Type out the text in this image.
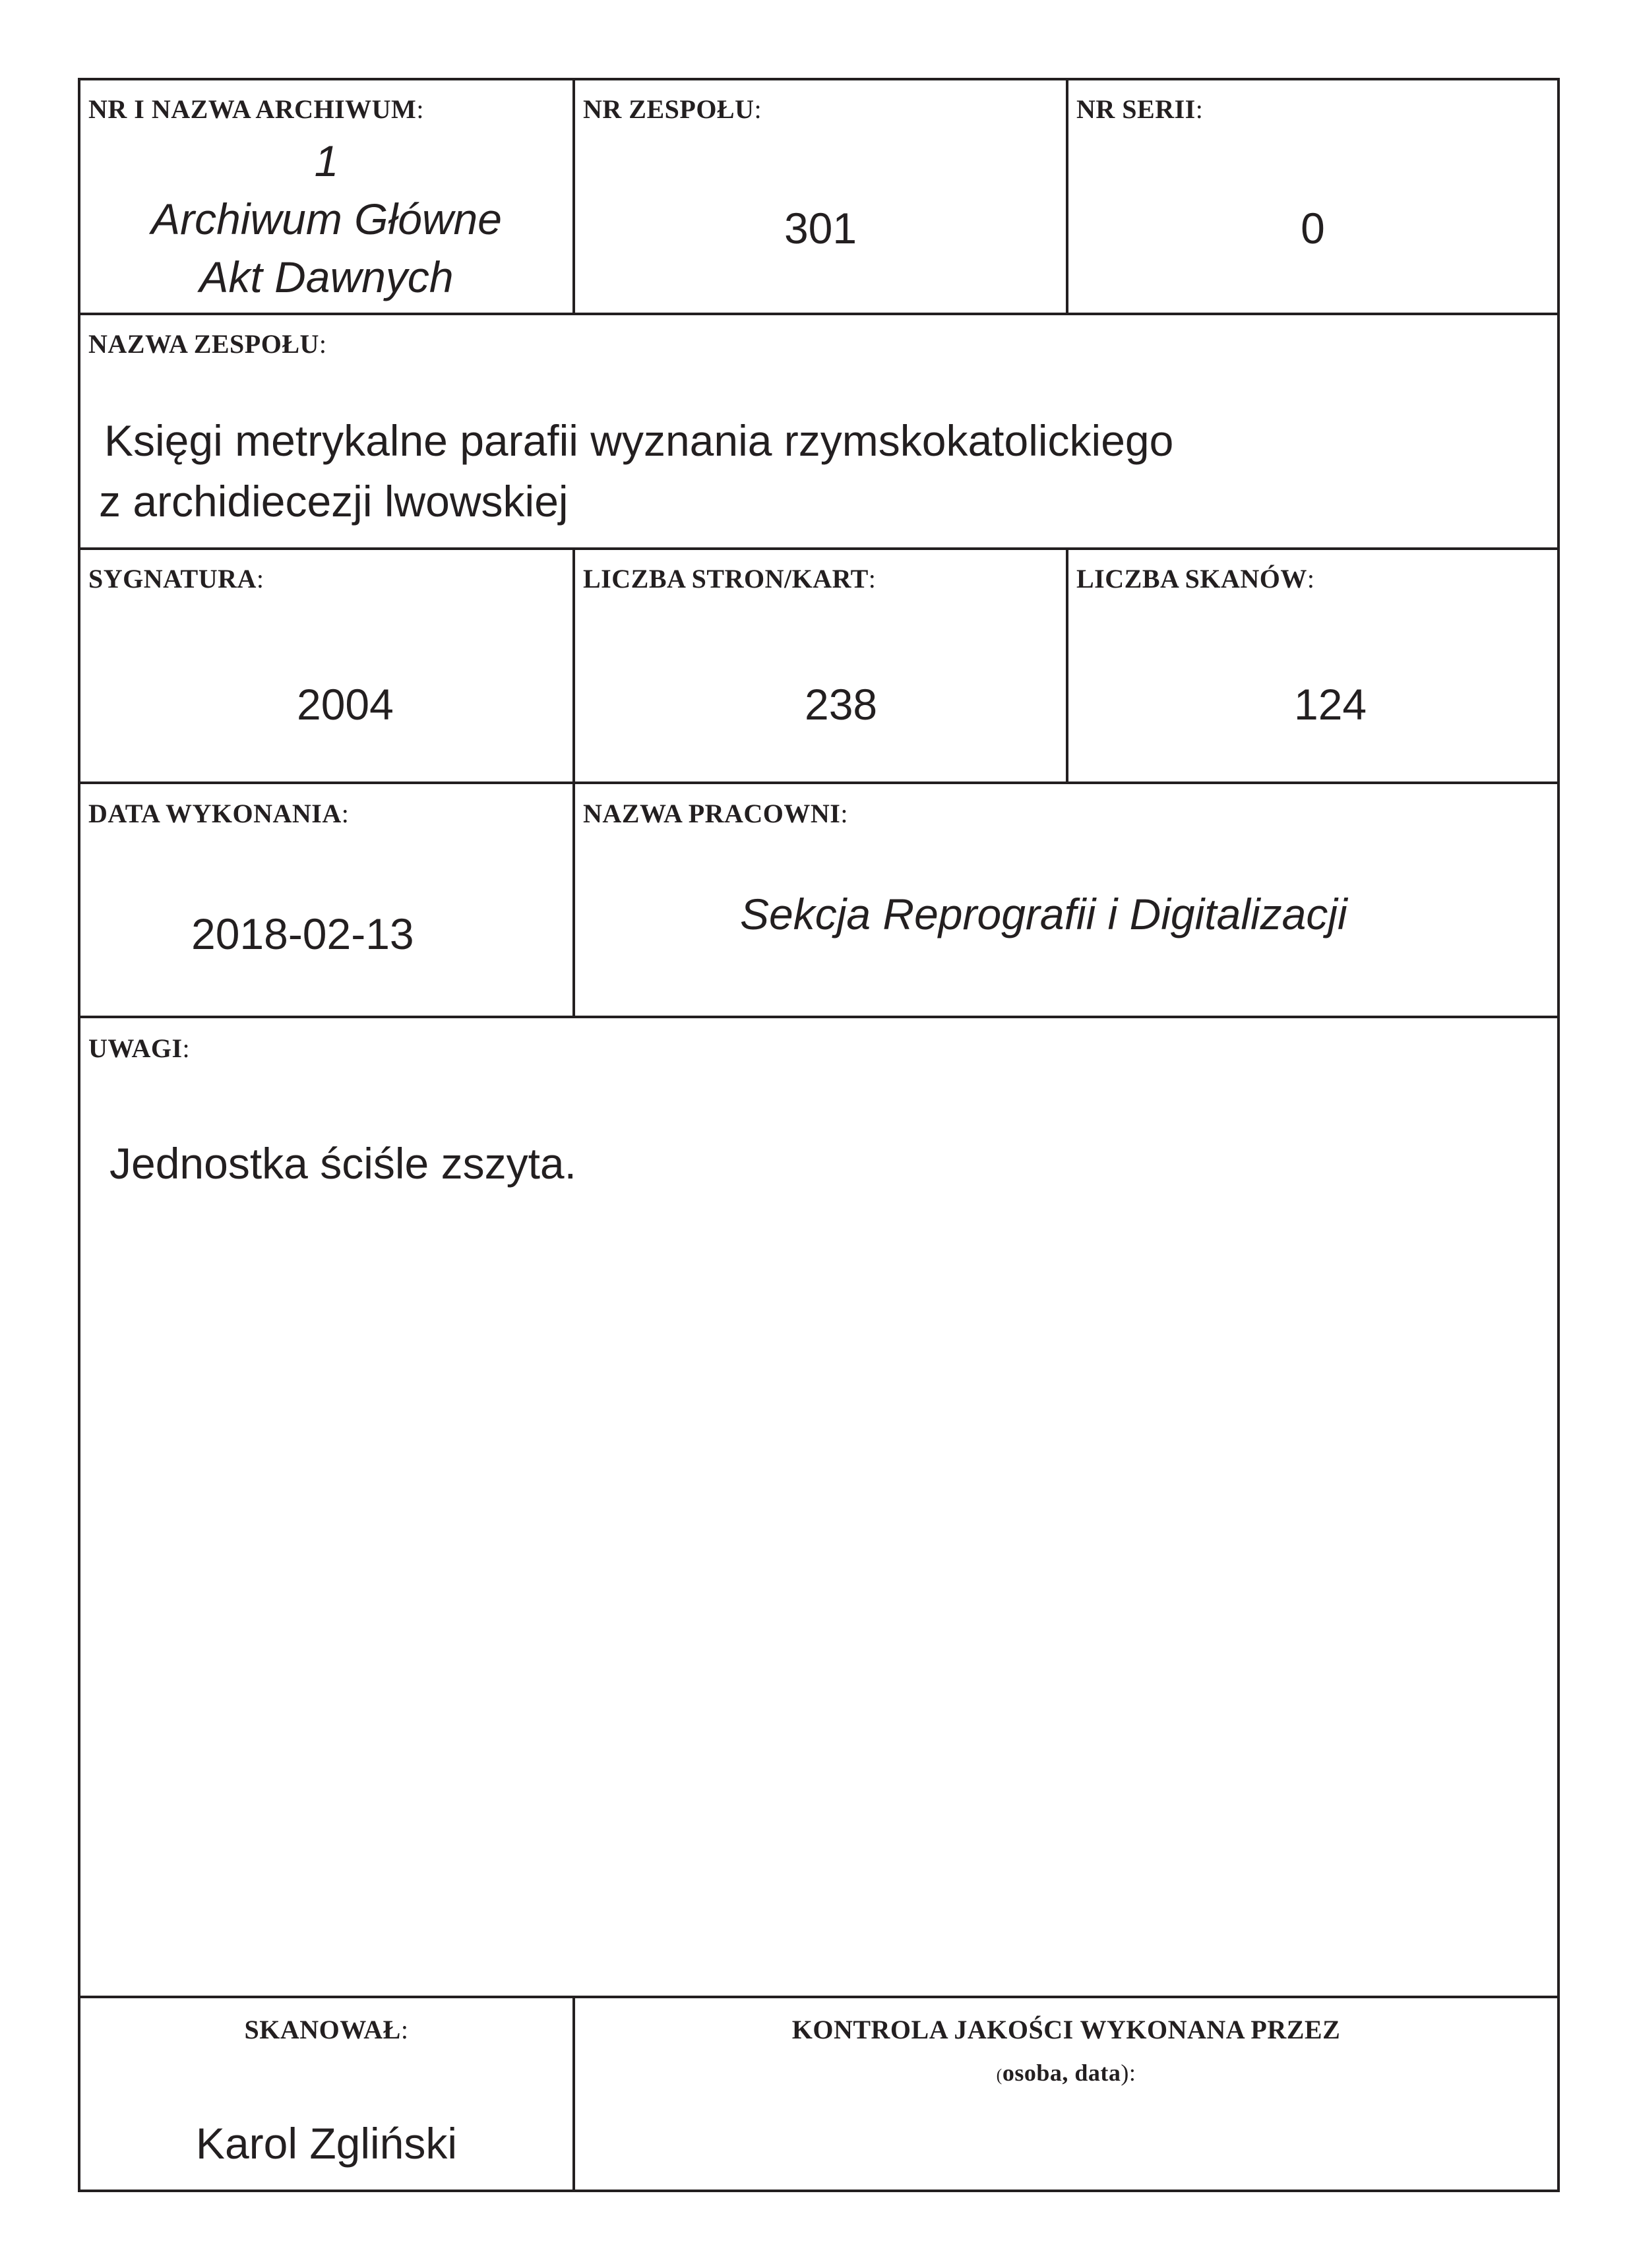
NR I NAZWA ARCHIWUM:
1
Archiwum Główne
Akt Dawnych
NR ZESPOŁU:
301
NR SERII:
0
NAZWA ZESPOŁU:
Księgi metrykalne parafii wyznania rzymskokatolickiego
z archidiecezji lwowskiej
SYGNATURA:
2004
LICZBA STRON/KART:
238
LICZBA SKANÓW:
124
DATA WYKONANIA:
2018-02-13
NAZWA PRACOWNI:
Sekcja Reprografii i Digitalizacji
UWAGI:
Jednostka ściśle zszyta.
SKANOWAŁ:
Karol Zgliński
KONTROLA JAKOŚCI WYKONANA PRZEZ
(osoba, data):
